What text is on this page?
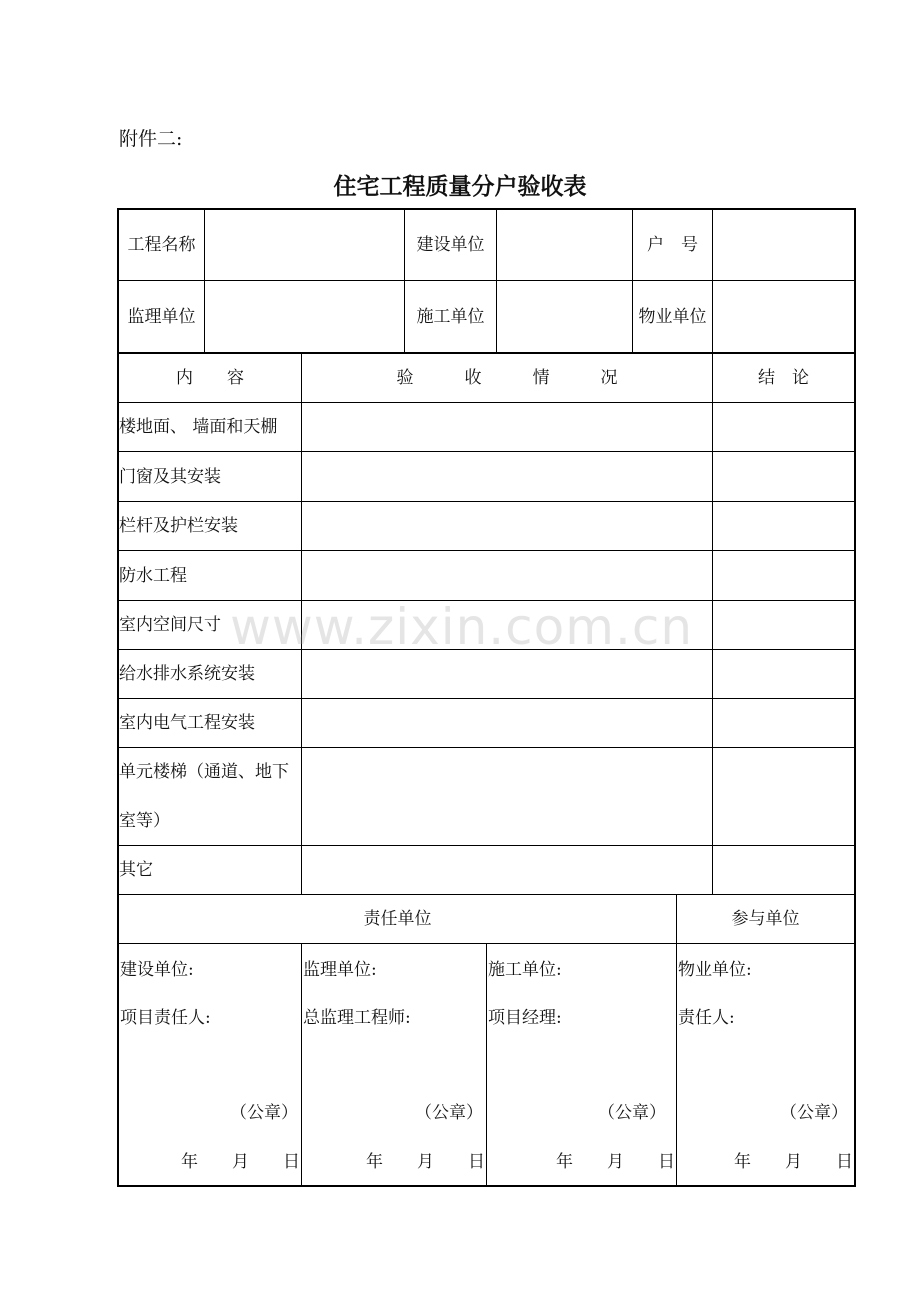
附件二:
住宅工程质量分户验收表
工程名称	建设单位	户　号
监理单位	施工单位	物业单位
内　　容	验　　　收　　　情　　　况	结　论
楼地面、 墙面和天棚
门窗及其安装
栏杆及护栏安装
防水工程
室内空间尺寸
给水排水系统安装
室内电气工程安装
单元楼梯（通道、地下
室等）
其它
责任单位	参与单位
建设单位:
项目责任人:
（公章）
年　　月　　日
监理单位:
总监理工程师:
（公章）
年　　月　　日
施工单位:
项目经理:
（公章）
年　　月　　日
物业单位:
责任人:
（公章）
年　　月　　日
www.zixin.com.cn
